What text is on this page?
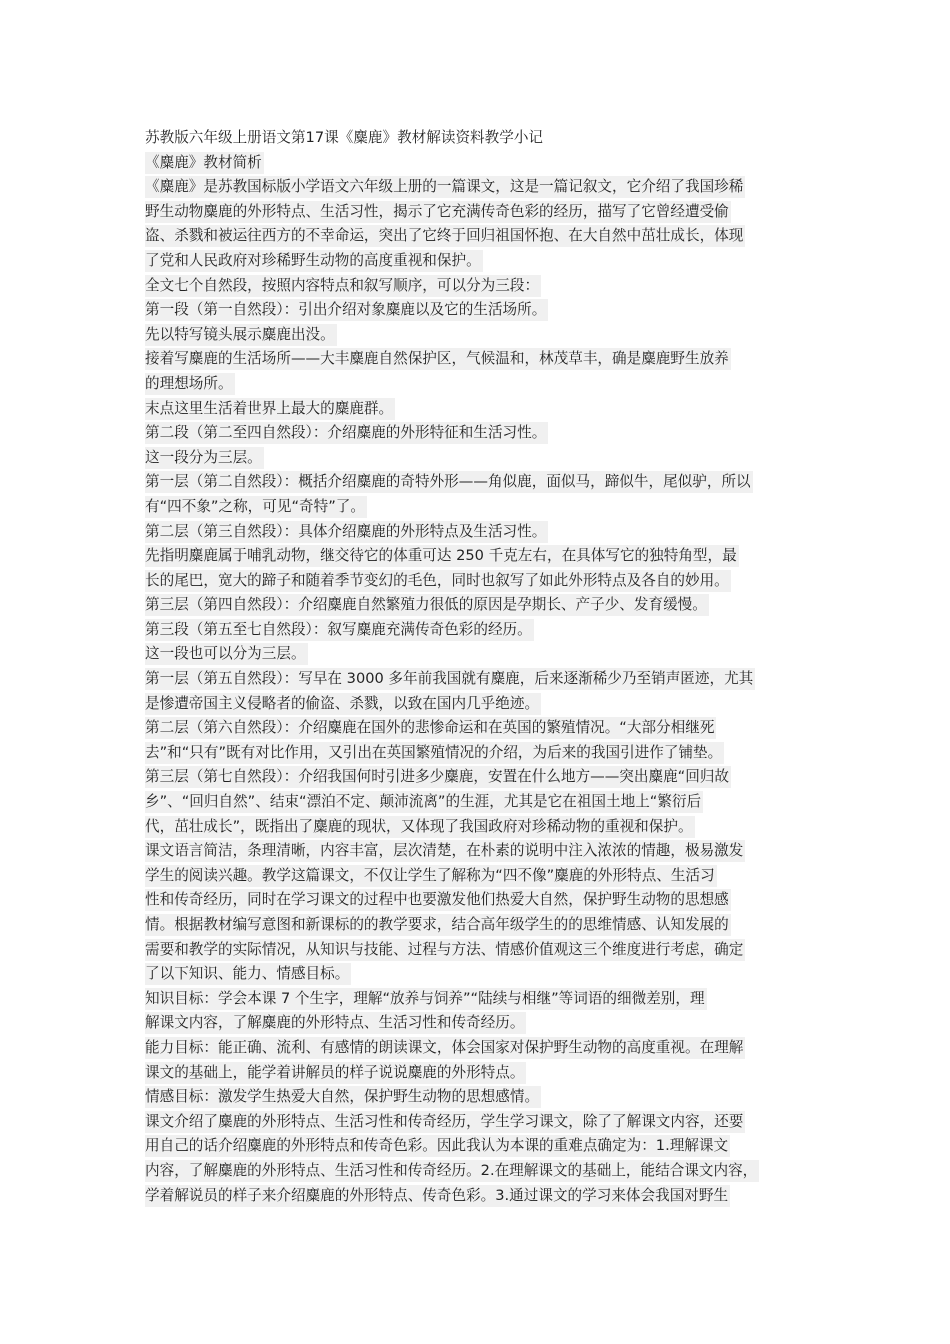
苏教版六年级上册语文第17课《麋鹿》教材解读资料教学小记
《麋鹿》教材简析
《麋鹿》是苏教国标版小学语文六年级上册的一篇课文，这是一篇记叙文，它介绍了我国珍稀
野生动物麋鹿的外形特点、生活习性，揭示了它充满传奇色彩的经历，描写了它曾经遭受偷
盗、杀戮和被运往西方的不幸命运，突出了它终于回归祖国怀抱、在大自然中茁壮成长，体现
了党和人民政府对珍稀野生动物的高度重视和保护。
全文七个自然段，按照内容特点和叙写顺序，可以分为三段：
第一段（第一自然段）：引出介绍对象麋鹿以及它的生活场所。
先以特写镜头展示麋鹿出没。
接着写麋鹿的生活场所——大丰麋鹿自然保护区，气候温和，林茂草丰，确是麋鹿野生放养
的理想场所。
末点这里生活着世界上最大的麋鹿群。
第二段（第二至四自然段）：介绍麋鹿的外形特征和生活习性。
这一段分为三层。
第一层（第二自然段）：概括介绍麋鹿的奇特外形——角似鹿，面似马，蹄似牛，尾似驴，所以
有“四不象”之称，可见“奇特”了。
第二层（第三自然段）：具体介绍麋鹿的外形特点及生活习性。
先指明麋鹿属于哺乳动物，继交待它的体重可达 250 千克左右，在具体写它的独特角型，最
长的尾巴，宽大的蹄子和随着季节变幻的毛色，同时也叙写了如此外形特点及各自的妙用。
第三层（第四自然段）：介绍麋鹿自然繁殖力很低的原因是孕期长、产子少、发育缓慢。
第三段（第五至七自然段）：叙写麋鹿充满传奇色彩的经历。
这一段也可以分为三层。
第一层（第五自然段）：写早在 3000 多年前我国就有麋鹿，后来逐渐稀少乃至销声匿迹，尤其
是惨遭帝国主义侵略者的偷盗、杀戮，以致在国内几乎绝迹。
第二层（第六自然段）：介绍麋鹿在国外的悲惨命运和在英国的繁殖情况。“大部分相继死
去”和“只有”既有对比作用，又引出在英国繁殖情况的介绍，为后来的我国引进作了铺垫。
第三层（第七自然段）：介绍我国何时引进多少麋鹿，安置在什么地方——突出麋鹿“回归故
乡”、“回归自然”、结束“漂泊不定、颠沛流离”的生涯，尤其是它在祖国土地上“繁衍后
代，茁壮成长”，既指出了麋鹿的现状，又体现了我国政府对珍稀动物的重视和保护。
课文语言简洁，条理清晰，内容丰富，层次清楚，在朴素的说明中注入浓浓的情趣，极易激发
学生的阅读兴趣。教学这篇课文，不仅让学生了解称为“四不像”麋鹿的外形特点、生活习
性和传奇经历，同时在学习课文的过程中也要激发他们热爱大自然，保护野生动物的思想感
情。根据教材编写意图和新课标的的教学要求，结合高年级学生的的思维情感、认知发展的
需要和教学的实际情况，从知识与技能、过程与方法、情感价值观这三个维度进行考虑，确定
了以下知识、能力、情感目标。
知识目标：学会本课 7 个生字，理解“放养与饲养”“陆续与相继”等词语的细微差别，理
解课文内容，了解麋鹿的外形特点、生活习性和传奇经历。
能力目标：能正确、流利、有感情的朗读课文，体会国家对保护野生动物的高度重视。在理解
课文的基础上，能学着讲解员的样子说说麋鹿的外形特点。
情感目标：激发学生热爱大自然，保护野生动物的思想感情。
课文介绍了麋鹿的外形特点、生活习性和传奇经历，学生学习课文，除了了解课文内容，还要
用自己的话介绍麋鹿的外形特点和传奇色彩。因此我认为本课的重难点确定为：1.理解课文
内容，了解麋鹿的外形特点、生活习性和传奇经历。2.在理解课文的基础上，能结合课文内容，
学着解说员的样子来介绍麋鹿的外形特点、传奇色彩。3.通过课文的学习来体会我国对野生
